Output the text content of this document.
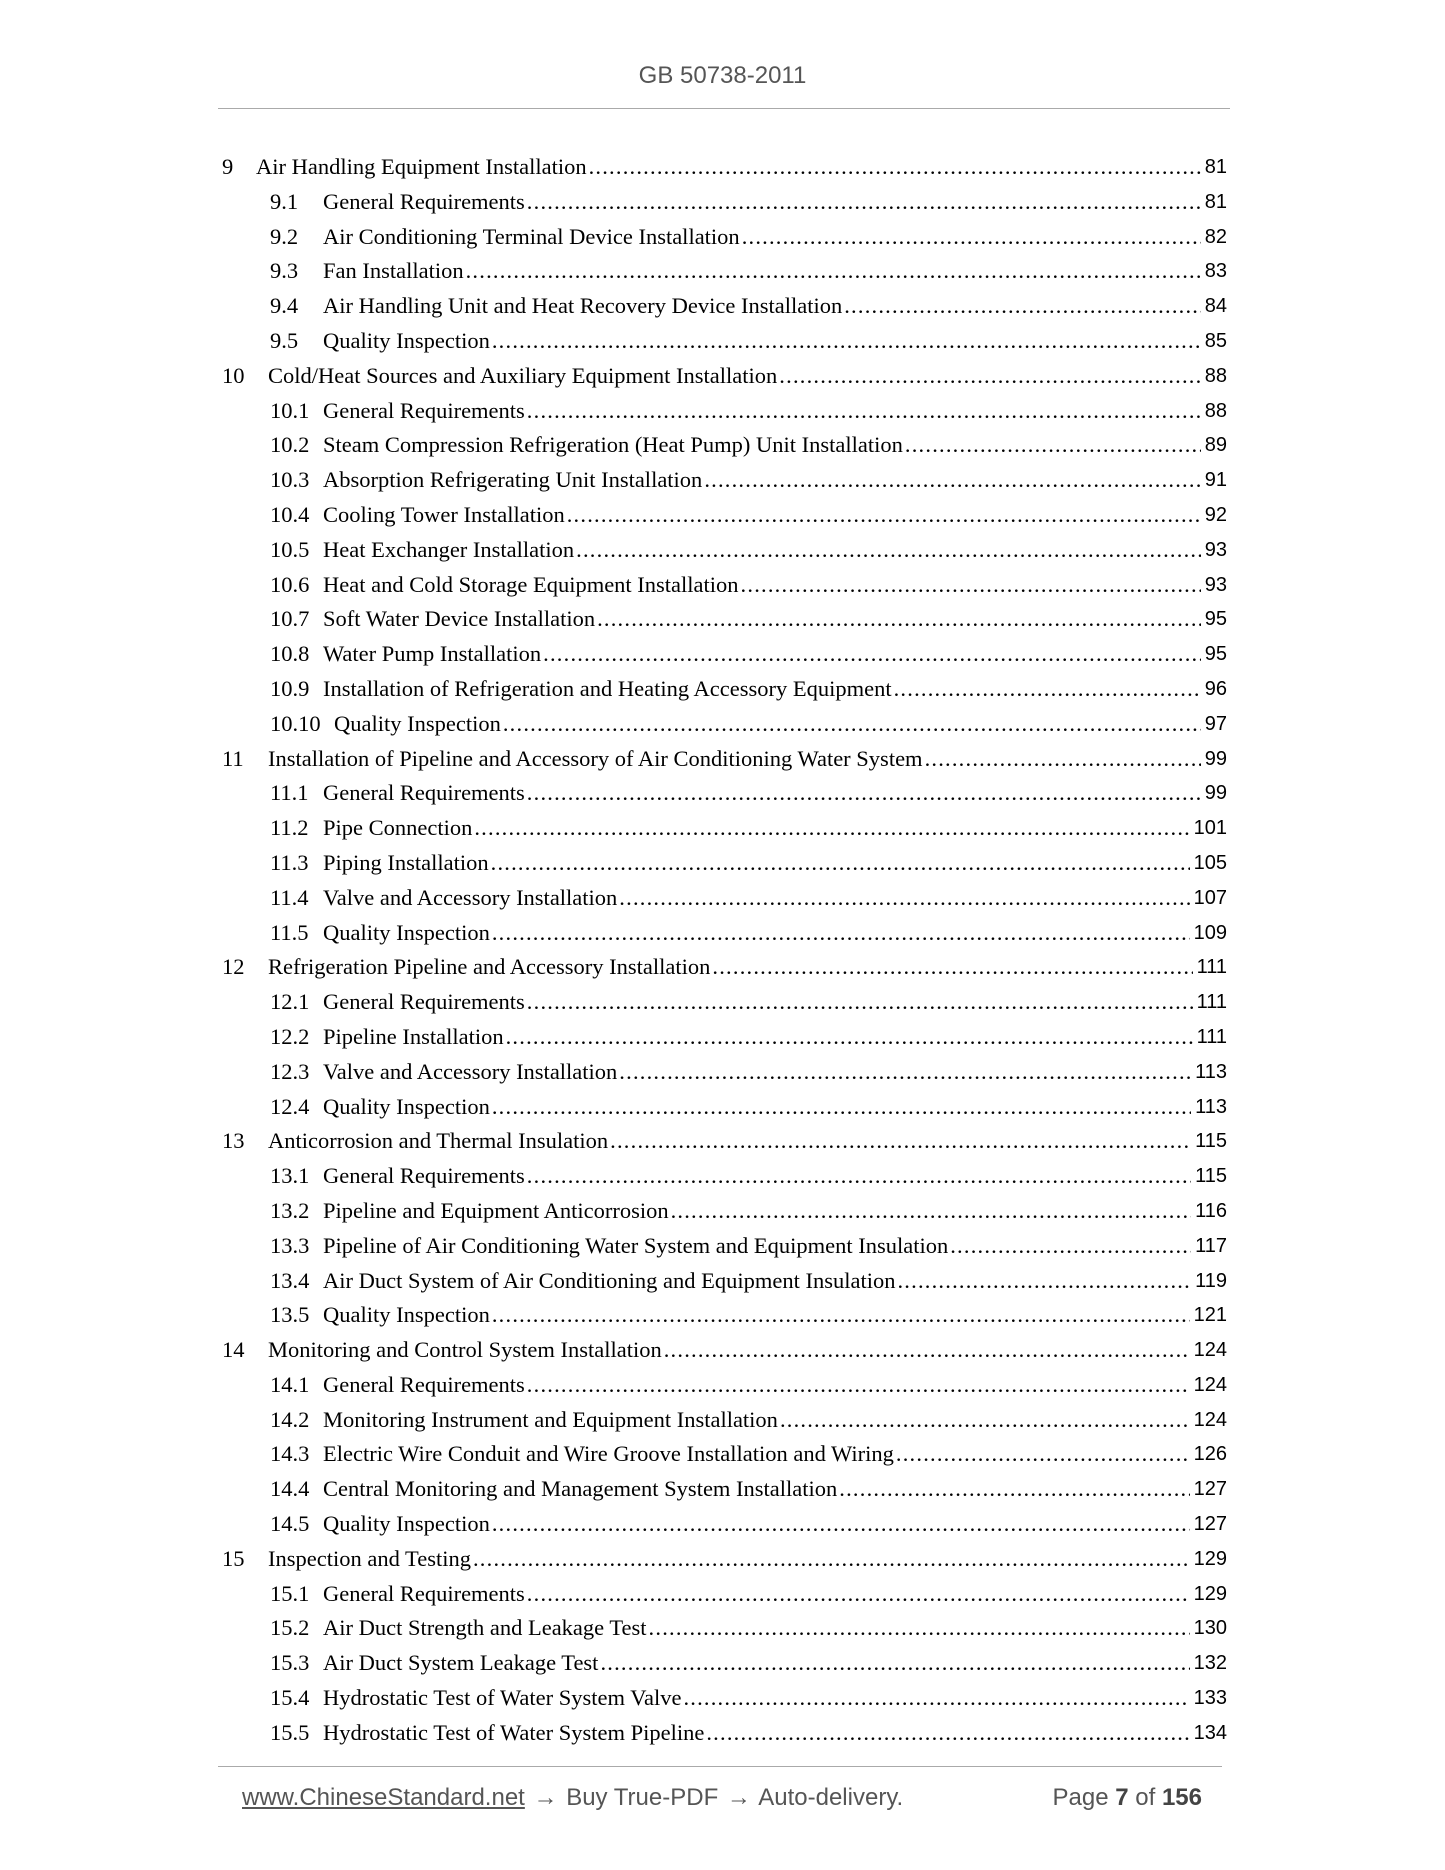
GB 50738-2011
9	Air Handling Equipment Installation .....	81
9.1	General Requirements .....	81
9.2	Air Conditioning Terminal Device Installation .....	82
9.3	Fan Installation .....	83
9.4	Air Handling Unit and Heat Recovery Device Installation .....	84
9.5	Quality Inspection .....	85
10	Cold/Heat Sources and Auxiliary Equipment Installation .....	88
10.1 General Requirements .....	88
10.2 Steam Compression Refrigeration (Heat Pump) Unit Installation .....	89
10.3 Absorption Refrigerating Unit Installation .....	91
10.4 Cooling Tower Installation .....	92
10.5 Heat Exchanger Installation .....	93
10.6 Heat and Cold Storage Equipment Installation .....	93
10.7 Soft Water Device Installation .....	95
10.8 Water Pump Installation .....	95
10.9 Installation of Refrigeration and Heating Accessory Equipment .....	96
10.10 Quality Inspection .....	97
11	Installation of Pipeline and Accessory of Air Conditioning Water System .....	99
11.1 General Requirements .....	99
11.2 Pipe Connection .....	101
11.3 Piping Installation .....	105
11.4 Valve and Accessory Installation .....	107
11.5 Quality Inspection .....	109
12	Refrigeration Pipeline and Accessory Installation .....	111
12.1 General Requirements .....	111
12.2 Pipeline Installation .....	111
12.3 Valve and Accessory Installation .....	113
12.4 Quality Inspection .....	113
13	Anticorrosion and Thermal Insulation .....	115
13.1 General Requirements .....	115
13.2 Pipeline and Equipment Anticorrosion .....	116
13.3 Pipeline of Air Conditioning Water System and Equipment Insulation .....	117
13.4 Air Duct System of Air Conditioning and Equipment Insulation .....	119
13.5 Quality Inspection .....	121
14	Monitoring and Control System Installation .....	124
14.1 General Requirements .....	124
14.2 Monitoring Instrument and Equipment Installation .....	124
14.3 Electric Wire Conduit and Wire Groove Installation and Wiring .....	126
14.4 Central Monitoring and Management System Installation .....	127
14.5 Quality Inspection .....	127
15	Inspection and Testing .....	129
15.1 General Requirements .....	129
15.2 Air Duct Strength and Leakage Test .....	130
15.3 Air Duct System Leakage Test .....	132
15.4 Hydrostatic Test of Water System Valve .....	133
15.5 Hydrostatic Test of Water System Pipeline .....	134
www.ChineseStandard.net → Buy True-PDF → Auto-delivery.	Page 7 of 156
